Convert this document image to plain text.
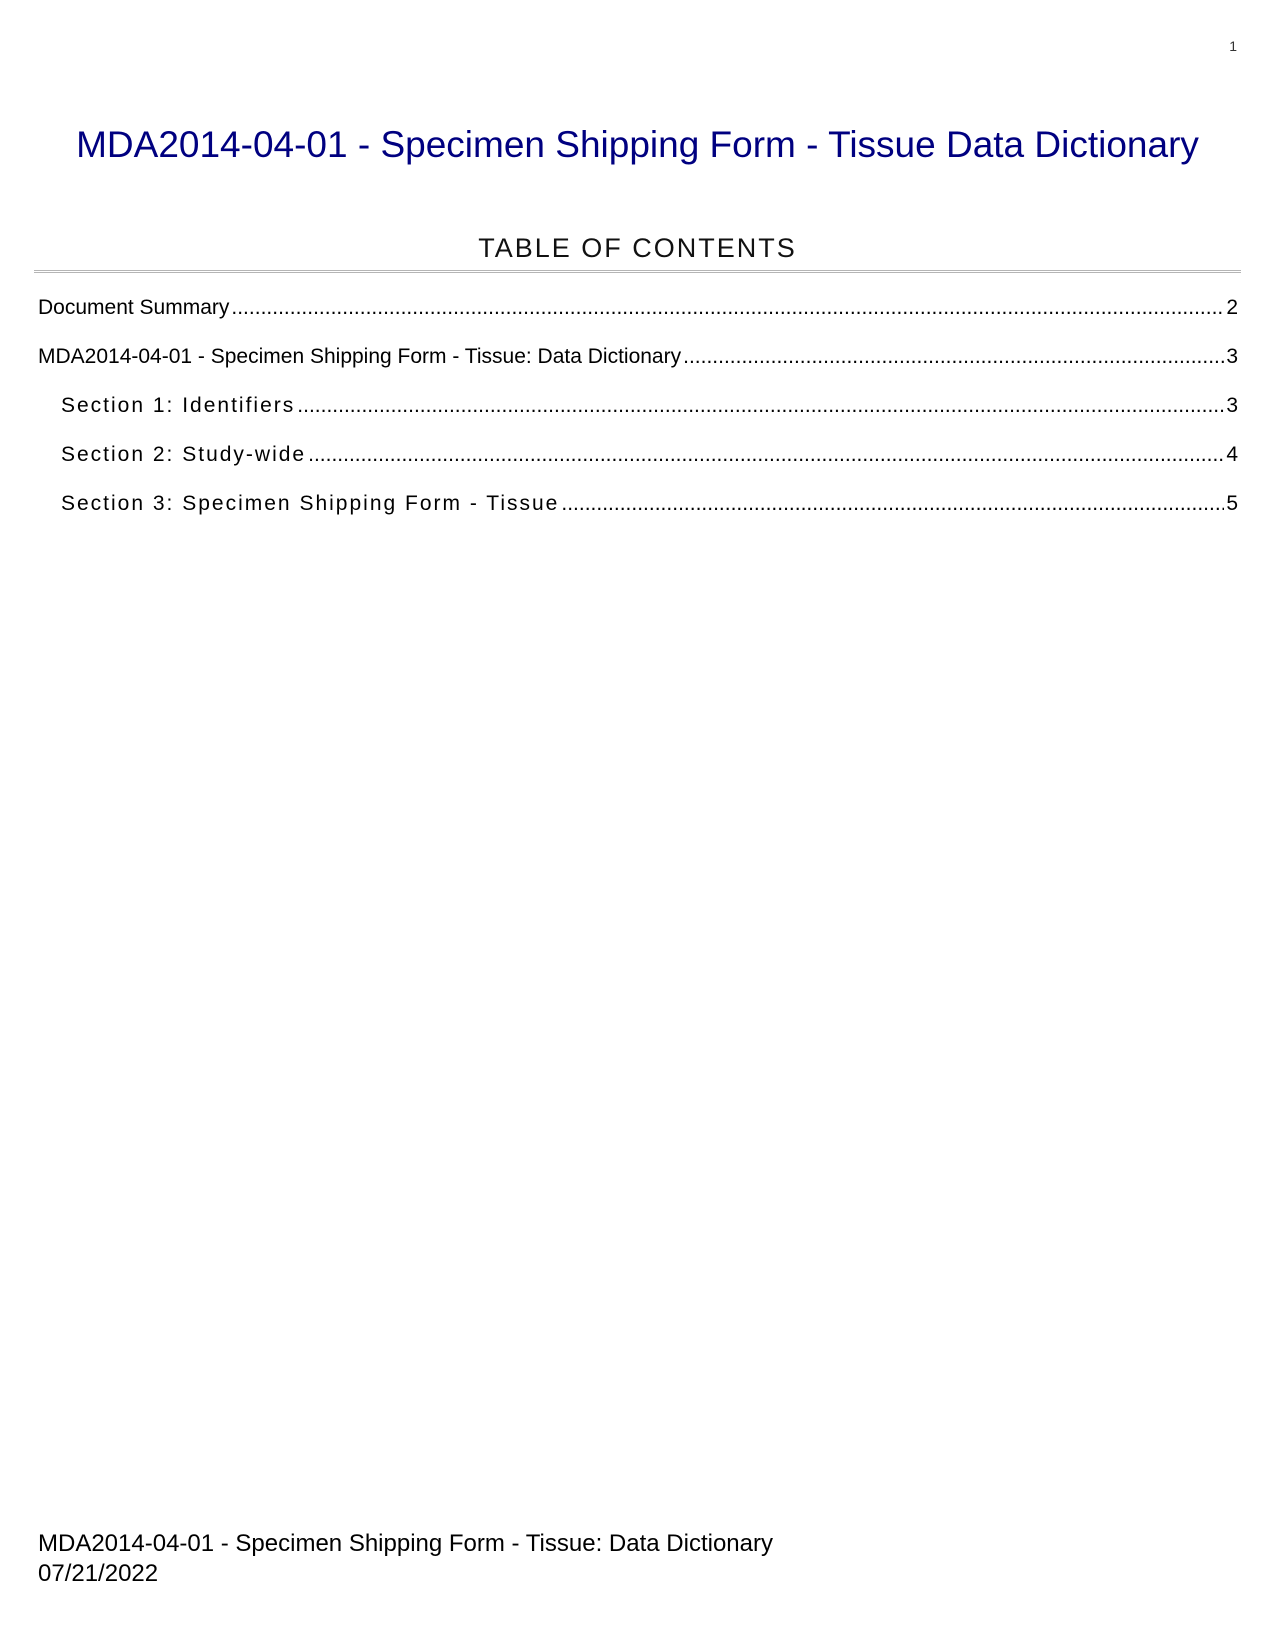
1
MDA2014-04-01 - Specimen Shipping Form - Tissue Data Dictionary
TABLE OF CONTENTS
Document Summary .....	2
MDA2014-04-01 - Specimen Shipping Form - Tissue: Data Dictionary .....	3
Section 1: Identifiers .....	3
Section 2: Study-wide .....	4
Section 3: Specimen Shipping Form - Tissue .....	5
MDA2014-04-01 - Specimen Shipping Form - Tissue: Data Dictionary
07/21/2022
